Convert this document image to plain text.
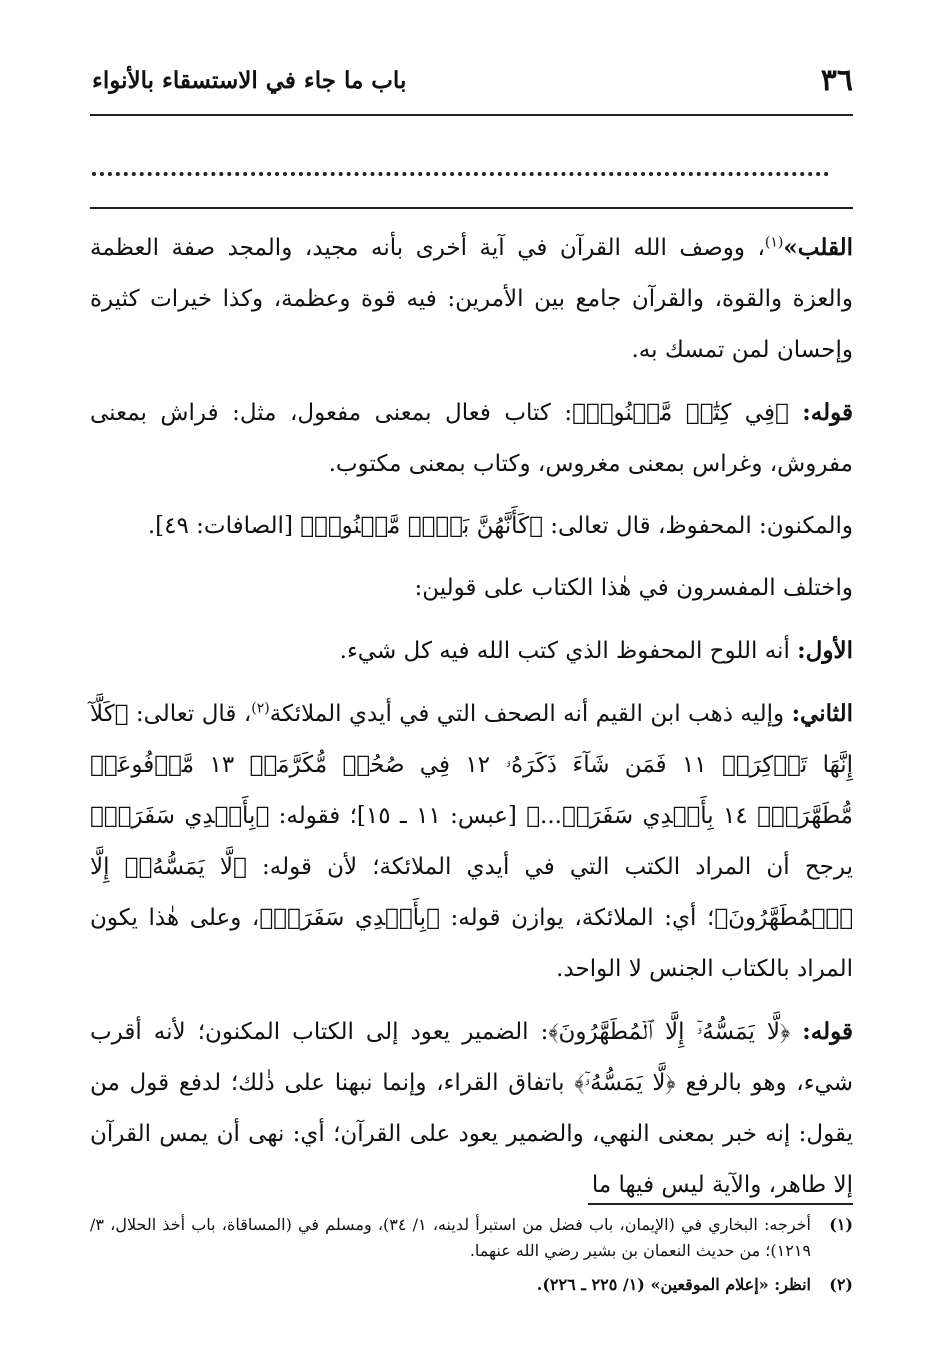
٣٦
باب ما جاء في الاستسقاء بالأنواء

القلب»$^{(١)}$، ووصف الله القرآن في آية أخرى بأنه مجيد، والمجد صفة العظمة والعزة والقوة، والقرآن جامع بين الأمرين: فيه قوة وعظمة، وكذا خيرات كثيرة وإحسان لمن تمسك به.

قوله: ﴿فِي كِتَٰبٖ مَّكۡنُونٖ﴾: كتاب فعال بمعنى مفعول، مثل: فراش بمعنى مفروش، وغراس بمعنى مغروس، وكتاب بمعنى مكتوب.

والمكنون: المحفوظ، قال تعالى: ﴿كَأَنَّهُنَّ بَيۡضٞ مَّكۡنُونٞ﴾ [الصافات: ٤٩].

واختلف المفسرون في هٰذا الكتاب على قولين:

الأول: أنه اللوح المحفوظ الذي كتب الله فيه كل شيء.

الثاني: وإليه ذهب ابن القيم أنه الصحف التي في أيدي الملائكة$^{(٢)}$، قال تعالى: ﴿كَلَّآ إِنَّهَا تَذۡكِرَةٞ ١١ فَمَن شَآءَ ذَكَرَهُۥ ١٢ فِي صُحُفٖ مُّكَرَّمَةٖ ١٣ مَّرۡفُوعَةٖ مُّطَهَّرَةِۢ ١٤ بِأَيۡدِي سَفَرَةٖ...﴾ [عبس: ١١ ـ ١٥]؛ فقوله: ﴿بِأَيۡدِي سَفَرَةٖ﴾ يرجح أن المراد الكتب التي في أيدي الملائكة؛ لأن قوله: ﴿لَّا يَمَسُّهُۥٓ إِلَّا ٱلۡمُطَهَّرُونَ﴾؛ أي: الملائكة، يوازن قوله: ﴿بِأَيۡدِي سَفَرَةٖ﴾، وعلى هٰذا يكون المراد بالكتاب الجنس لا الواحد.

قوله: ﴿لَّا يَمَسُّهُۥٓ إِلَّا ٱلۡمُطَهَّرُونَ﴾: الضمير يعود إلى الكتاب المكنون؛ لأنه أقرب شيء، وهو بالرفع ﴿لَّا يَمَسُّهُۥٓ﴾ باتفاق القراء، وإنما نبهنا على ذٰلك؛ لدفع قول من يقول: إنه خبر بمعنى النهي، والضمير يعود على القرآن؛ أي: نهى أن يمس القرآن إلا طاهر، والآية ليس فيها ما

(١)
أخرجه: البخاري في (الإيمان، باب فضل من استبرأ لدينه، ١/ ٣٤)، ومسلم في (المساقاة، باب أخذ الحلال، ٣/ ١٢١٩)؛ من حديث النعمان بن بشير رضي الله عنهما.
(٢)
انظر: «إعلام الموقعين» (١/ ٢٢٥ ـ ٢٢٦).
